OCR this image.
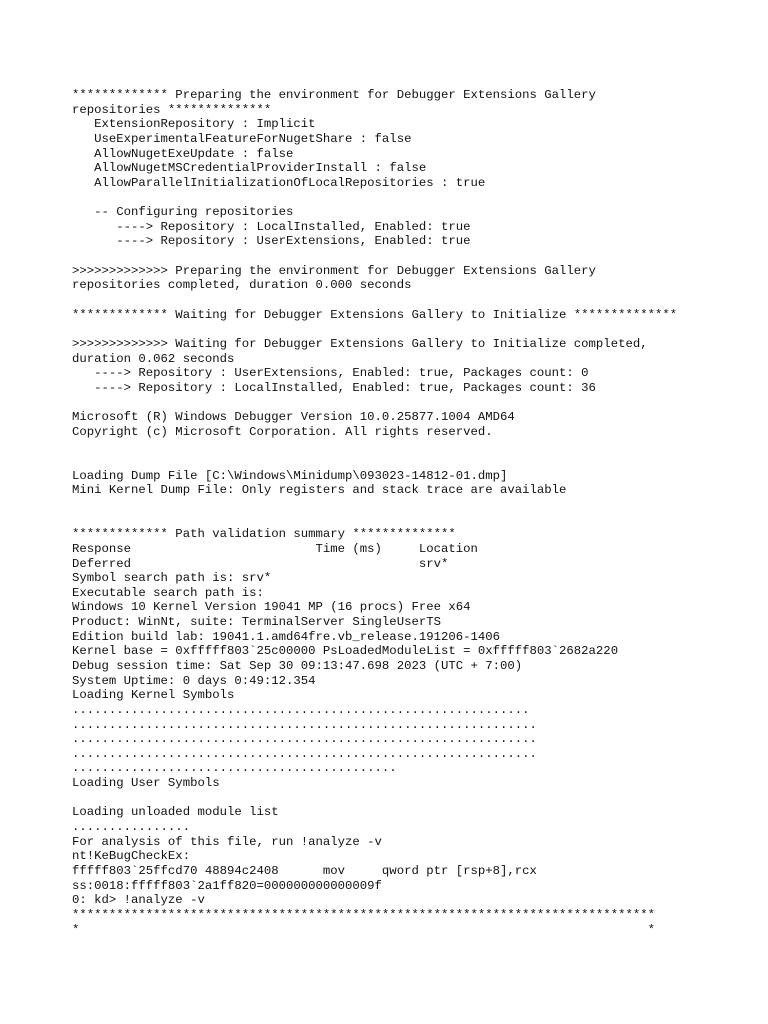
************* Preparing the environment for Debugger Extensions Gallery
repositories **************
ExtensionRepository : Implicit
UseExperimentalFeatureForNugetShare : false
AllowNugetExeUpdate : false
AllowNugetMSCredentialProviderInstall : false
AllowParallelInitializationOfLocalRepositories : true
-- Configuring repositories
----> Repository : LocalInstalled, Enabled: true
----> Repository : UserExtensions, Enabled: true
>>>>>>>>>>>>> Preparing the environment for Debugger Extensions Gallery
repositories completed, duration 0.000 seconds
************* Waiting for Debugger Extensions Gallery to Initialize **************
>>>>>>>>>>>>> Waiting for Debugger Extensions Gallery to Initialize completed,
duration 0.062 seconds
----> Repository : UserExtensions, Enabled: true, Packages count: 0
----> Repository : LocalInstalled, Enabled: true, Packages count: 36
Microsoft (R) Windows Debugger Version 10.0.25877.1004 AMD64
Copyright (c) Microsoft Corporation. All rights reserved.
Loading Dump File [C:\Windows\Minidump\093023-14812-01.dmp]
Mini Kernel Dump File: Only registers and stack trace are available
************* Path validation summary **************
Response                         Time (ms)     Location
Deferred                                       srv*
Symbol search path is: srv*
Executable search path is:
Windows 10 Kernel Version 19041 MP (16 procs) Free x64
Product: WinNt, suite: TerminalServer SingleUserTS
Edition build lab: 19041.1.amd64fre.vb_release.191206-1406
Kernel base = 0xfffff803`25c00000 PsLoadedModuleList = 0xfffff803`2682a220
Debug session time: Sat Sep 30 09:13:47.698 2023 (UTC + 7:00)
System Uptime: 0 days 0:49:12.354
Loading Kernel Symbols
..............................................................
...............................................................
...............................................................
...............................................................
............................................
Loading User Symbols
Loading unloaded module list
................
For analysis of this file, run !analyze -v
nt!KeBugCheckEx:
fffff803`25ffcd70 48894c2408      mov     qword ptr [rsp+8],rcx
ss:0018:fffff803`2a1ff820=000000000000009f
0: kd> !analyze -v
*******************************************************************************
*                                                                             *
